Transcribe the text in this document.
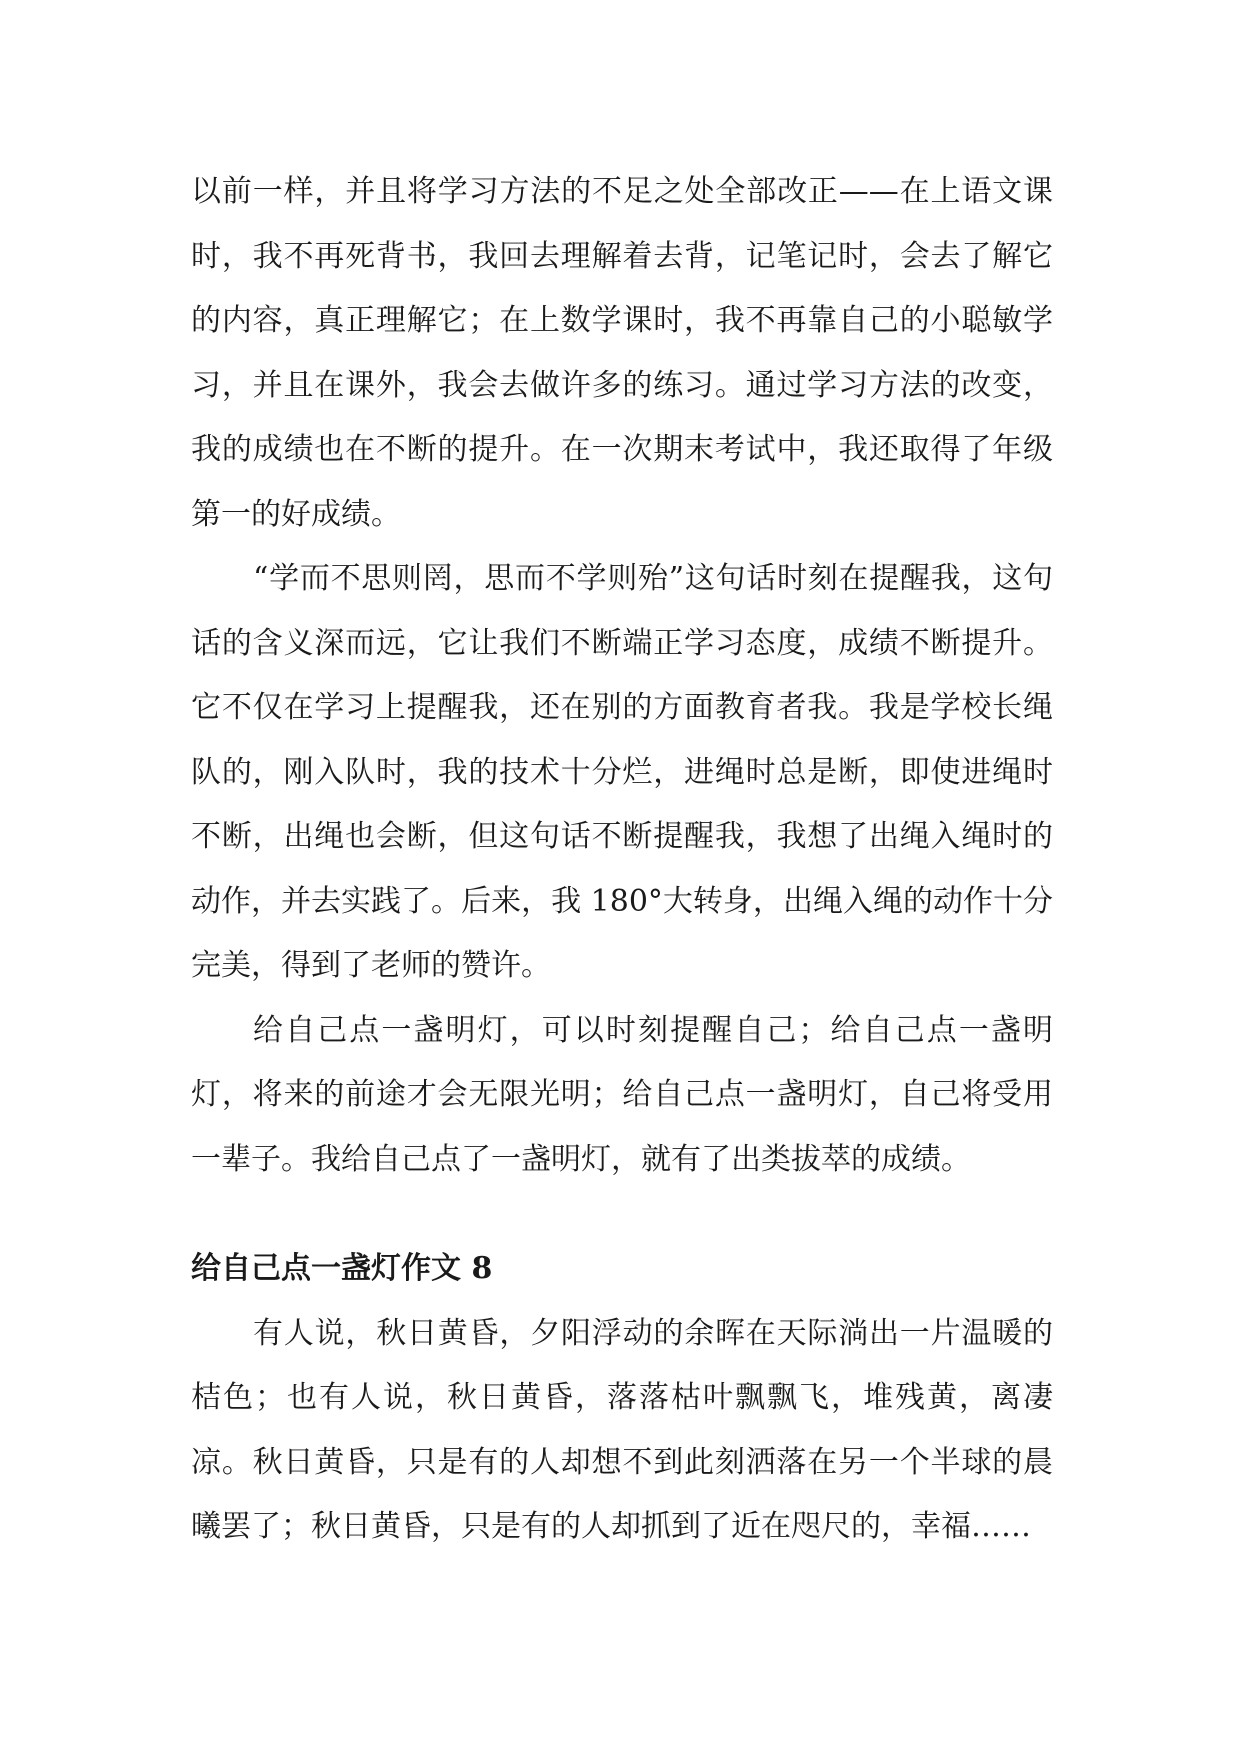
以前一样，并且将学习方法的不足之处全部改正——在上语文课时，我不再死背书，我回去理解着去背，记笔记时，会去了解它的内容，真正理解它；在上数学课时，我不再靠自己的小聪敏学习，并且在课外，我会去做许多的练习。通过学习方法的改变，我的成绩也在不断的提升。在一次期末考试中，我还取得了年级第一的好成绩。

“学而不思则罔，思而不学则殆”这句话时刻在提醒我，这句话的含义深而远，它让我们不断端正学习态度，成绩不断提升。它不仅在学习上提醒我，还在别的方面教育者我。我是学校长绳队的，刚入队时，我的技术十分烂，进绳时总是断，即使进绳时不断，出绳也会断，但这句话不断提醒我，我想了出绳入绳时的动作，并去实践了。后来，我 180°大转身，出绳入绳的动作十分完美，得到了老师的赞许。

给自己点一盏明灯，可以时刻提醒自己；给自己点一盏明灯，将来的前途才会无限光明；给自己点一盏明灯，自己将受用一辈子。我给自己点了一盏明灯，就有了出类拔萃的成绩。

给自己点一盏灯作文 8

有人说，秋日黄昏，夕阳浮动的余晖在天际淌出一片温暖的桔色；也有人说，秋日黄昏，落落枯叶飘飘飞，堆残黄，离凄凉。秋日黄昏，只是有的人却想不到此刻洒落在另一个半球的晨曦罢了；秋日黄昏，只是有的人却抓到了近在咫尺的，幸福……
